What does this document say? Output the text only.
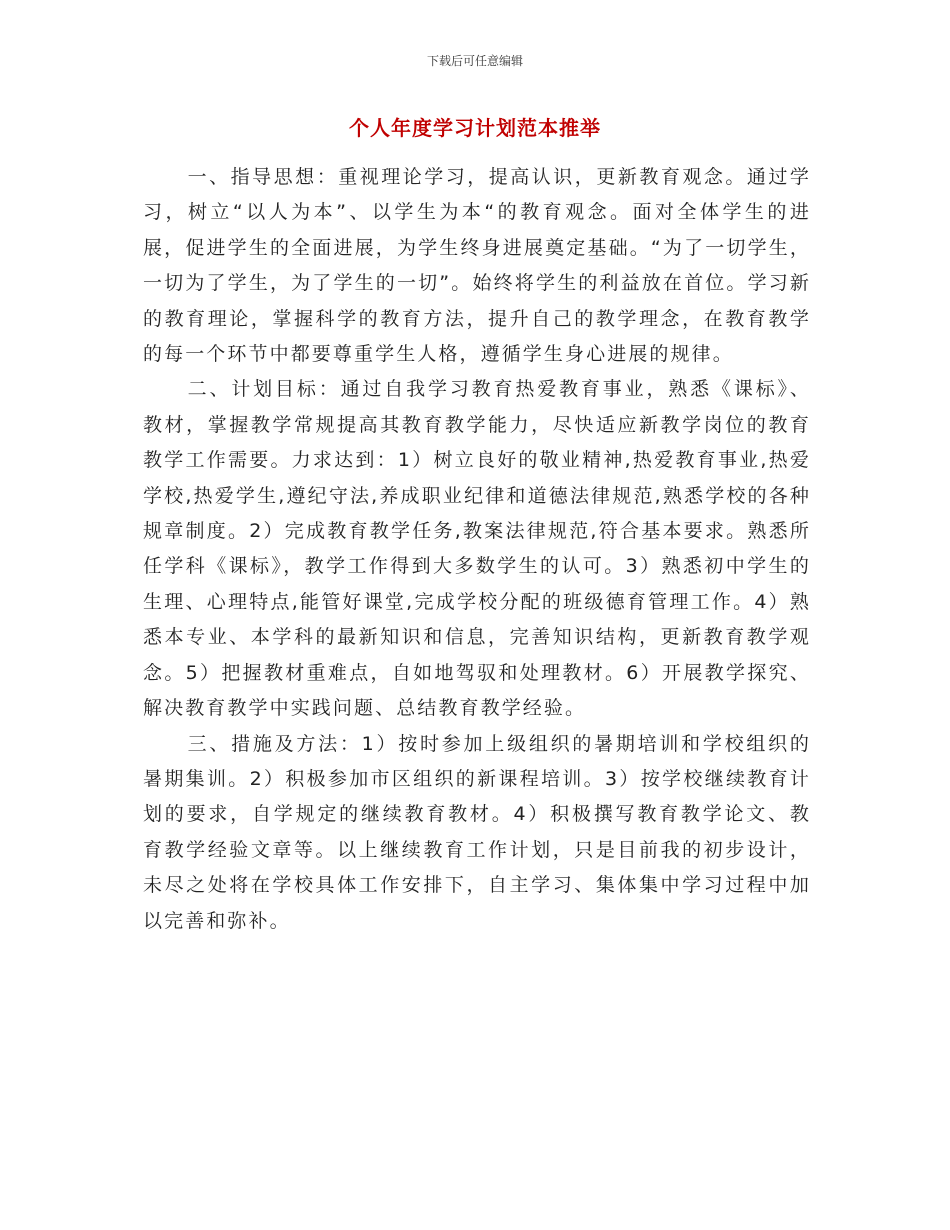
下载后可任意编辑
个人年度学习计划范本推举

一、指导思想：重视理论学习，提高认识，更新教育观念。通过学习，树立“以人为本”、以学生为本“的教育观念。面对全体学生的进展，促进学生的全面进展，为学生终身进展奠定基础。“为了一切学生，一切为了学生，为了学生的一切”。始终将学生的利益放在首位。学习新的教育理论，掌握科学的教育方法，提升自己的教学理念，在教育教学的每一个环节中都要尊重学生人格，遵循学生身心进展的规律。

二、计划目标：通过自我学习教育热爱教育事业，熟悉《课标》、教材，掌握教学常规提高其教育教学能力，尽快适应新教学岗位的教育教学工作需要。力求达到：1）树立良好的敬业精神,热爱教育事业,热爱学校,热爱学生,遵纪守法,养成职业纪律和道德法律规范,熟悉学校的各种规章制度。2）完成教育教学任务,教案法律规范,符合基本要求。熟悉所任学科《课标》，教学工作得到大多数学生的认可。3）熟悉初中学生的生理、心理特点,能管好课堂,完成学校分配的班级德育管理工作。4）熟悉本专业、本学科的最新知识和信息，完善知识结构，更新教育教学观念。5）把握教材重难点，自如地驾驭和处理教材。6）开展教学探究、解决教育教学中实践问题、总结教育教学经验。

三、措施及方法：1）按时参加上级组织的暑期培训和学校组织的暑期集训。2）积极参加市区组织的新课程培训。3）按学校继续教育计划的要求，自学规定的继续教育教材。4）积极撰写教育教学论文、教育教学经验文章等。以上继续教育工作计划，只是目前我的初步设计，未尽之处将在学校具体工作安排下，自主学习、集体集中学习过程中加以完善和弥补。
